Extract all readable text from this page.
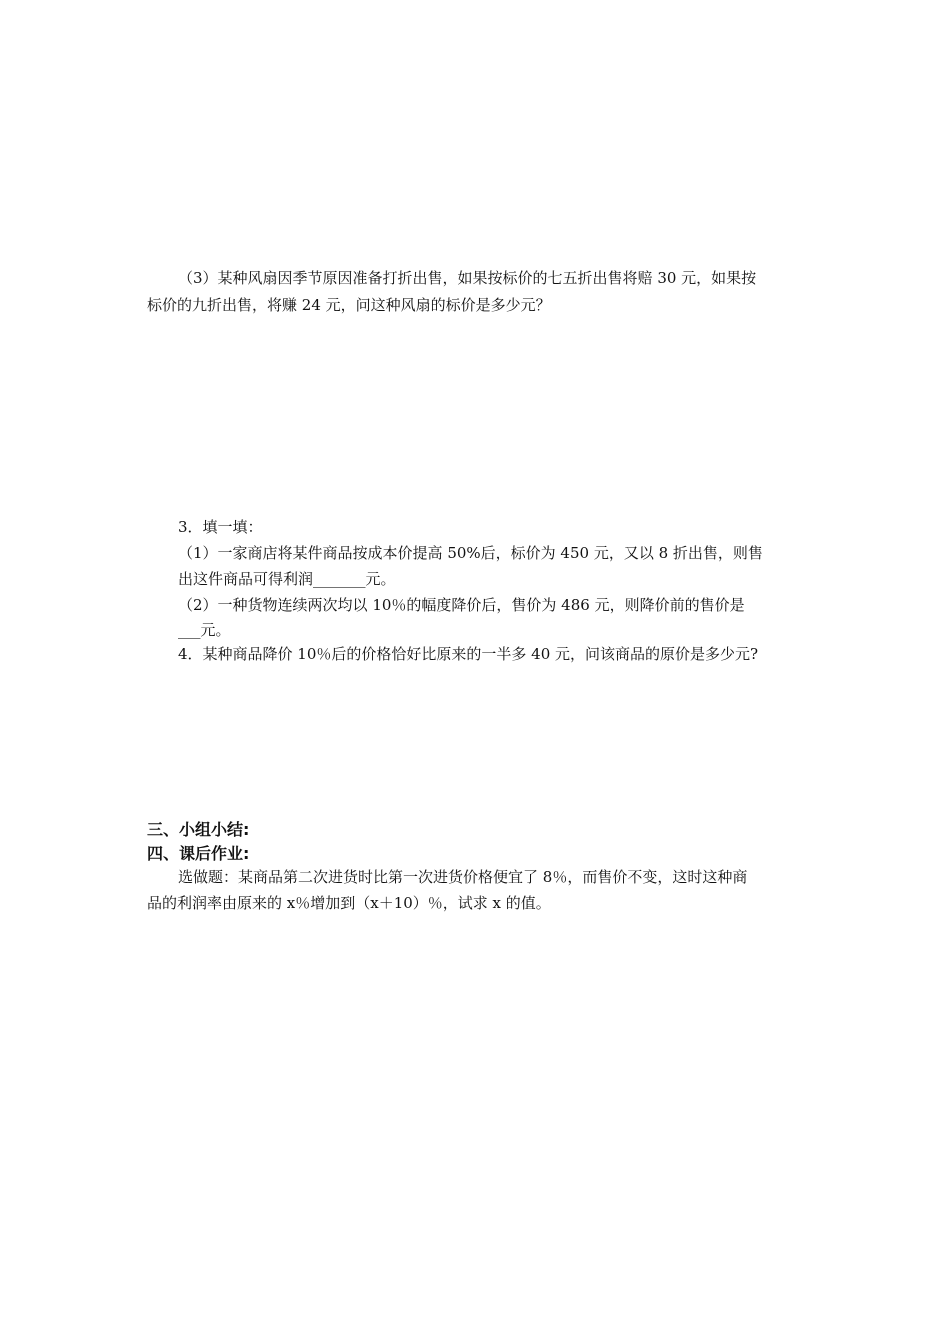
（3）某种风扇因季节原因准备打折出售，如果按标价的七五折出售将赔 30 元，如果按
标价的九折出售，将赚 24 元，问这种风扇的标价是多少元？
3．填一填：
（1）一家商店将某件商品按成本价提高 50%后，标价为 450 元，又以 8 折出售，则售
出这件商品可得利润_______元。
（2）一种货物连续两次均以 10％的幅度降价后，售价为 486 元，则降价前的售价是
___元。
4．某种商品降价 10％后的价格恰好比原来的一半多 40 元，问该商品的原价是多少元?
三、小组小结:
四、课后作业:
选做题：某商品第二次进货时比第一次进货价格便宜了 8％，而售价不变，这时这种商
品的利润率由原来的 x％增加到（x＋10）％，试求 x 的值。
